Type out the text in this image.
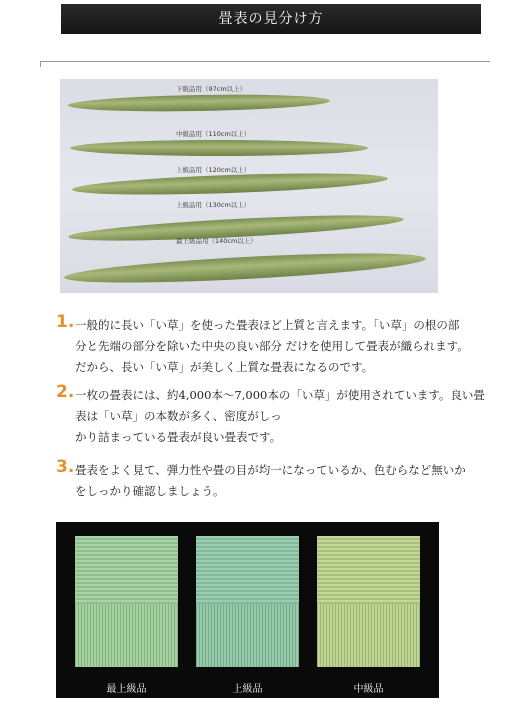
畳表の見分け方
下級品用（97cm以上）
中級品用（110cm以上）
上級品用（120cm以上）
上級品用（130cm以上）
最上級品用（140cm以上）
1. 一般的に長い「い草」を使った畳表ほど上質と言えます。「い草」の根の部
分と先端の部分を除いた中央の良い部分 だけを使用して畳表が織られます。
だから、長い「い草」が美しく上質な畳表になるのです。
2. 一枚の畳表には、約4,000本〜7,000本の「い草」が使用されています。良い畳
表は「い草」の本数が多く、密度がしっ
かり詰まっている畳表が良い畳表です。
3. 畳表をよく見て、弾力性や畳の目が均一になっているか、色むらなど無いか
をしっかり確認しましょう。
最上級品	上級品	中級品
